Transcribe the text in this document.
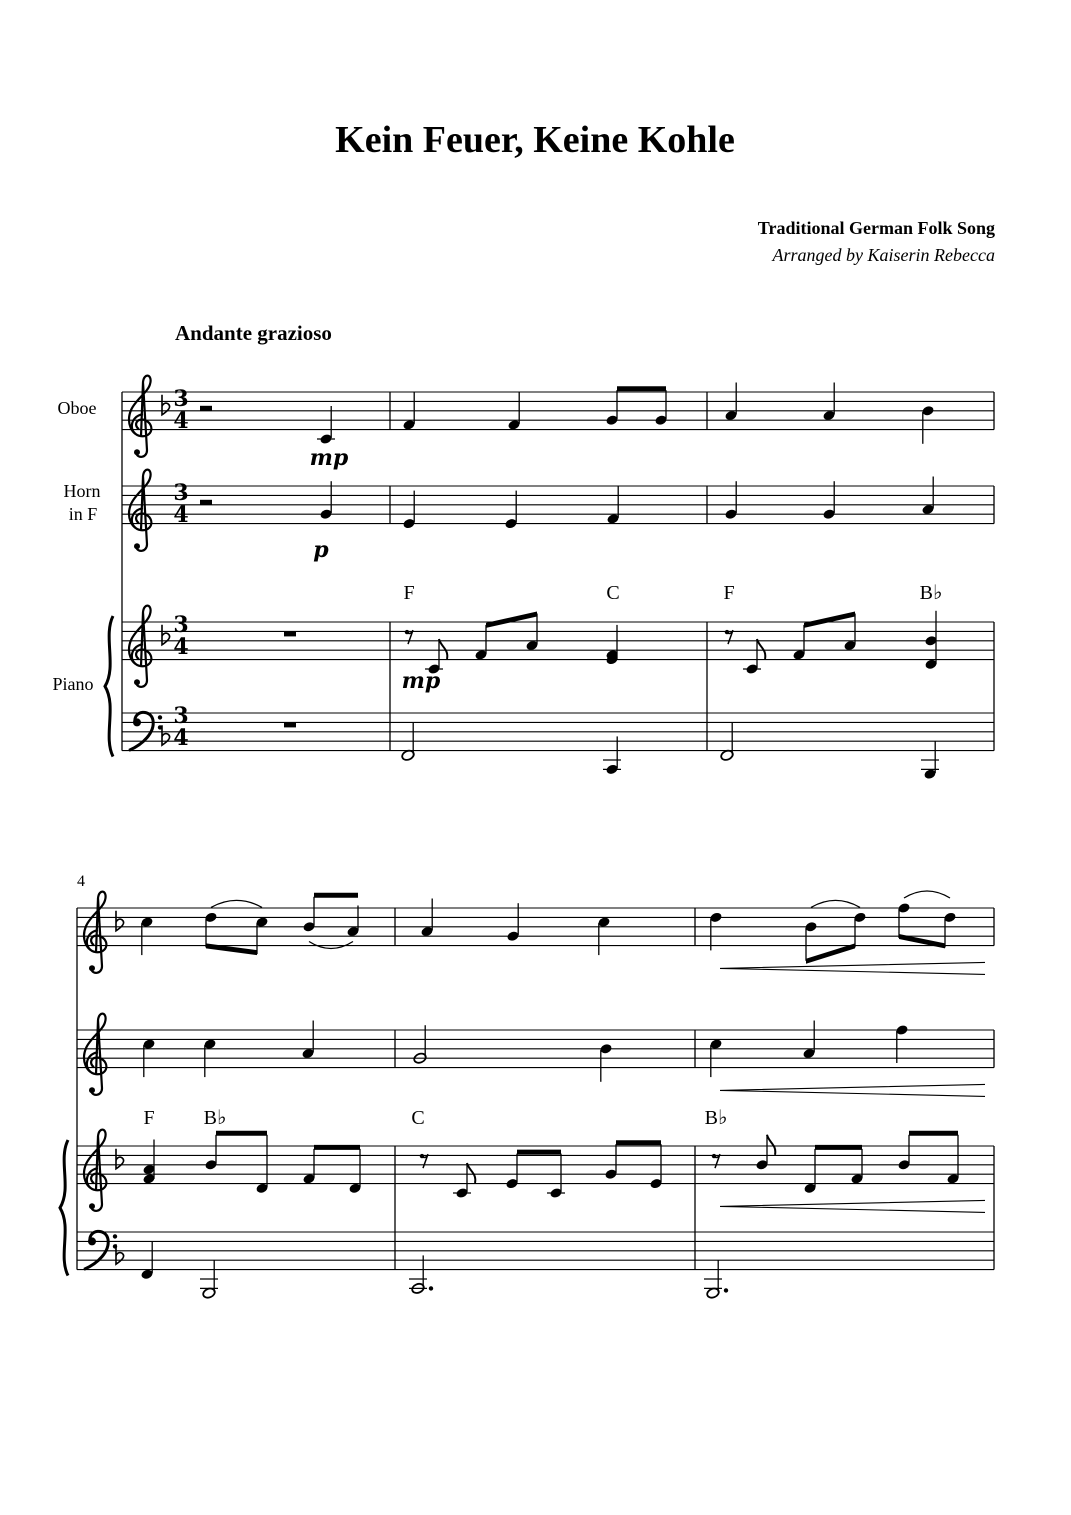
Kein Feuer, Keine Kohle
Traditional German Folk Song
Arranged by Kaiserin Rebecca
Andante grazioso
Oboe
Horn
in F
Piano
3
4
3
4
3
4
3
4
mp
p
mp
F	C	F	B♭
4
F B♭	C	B♭
